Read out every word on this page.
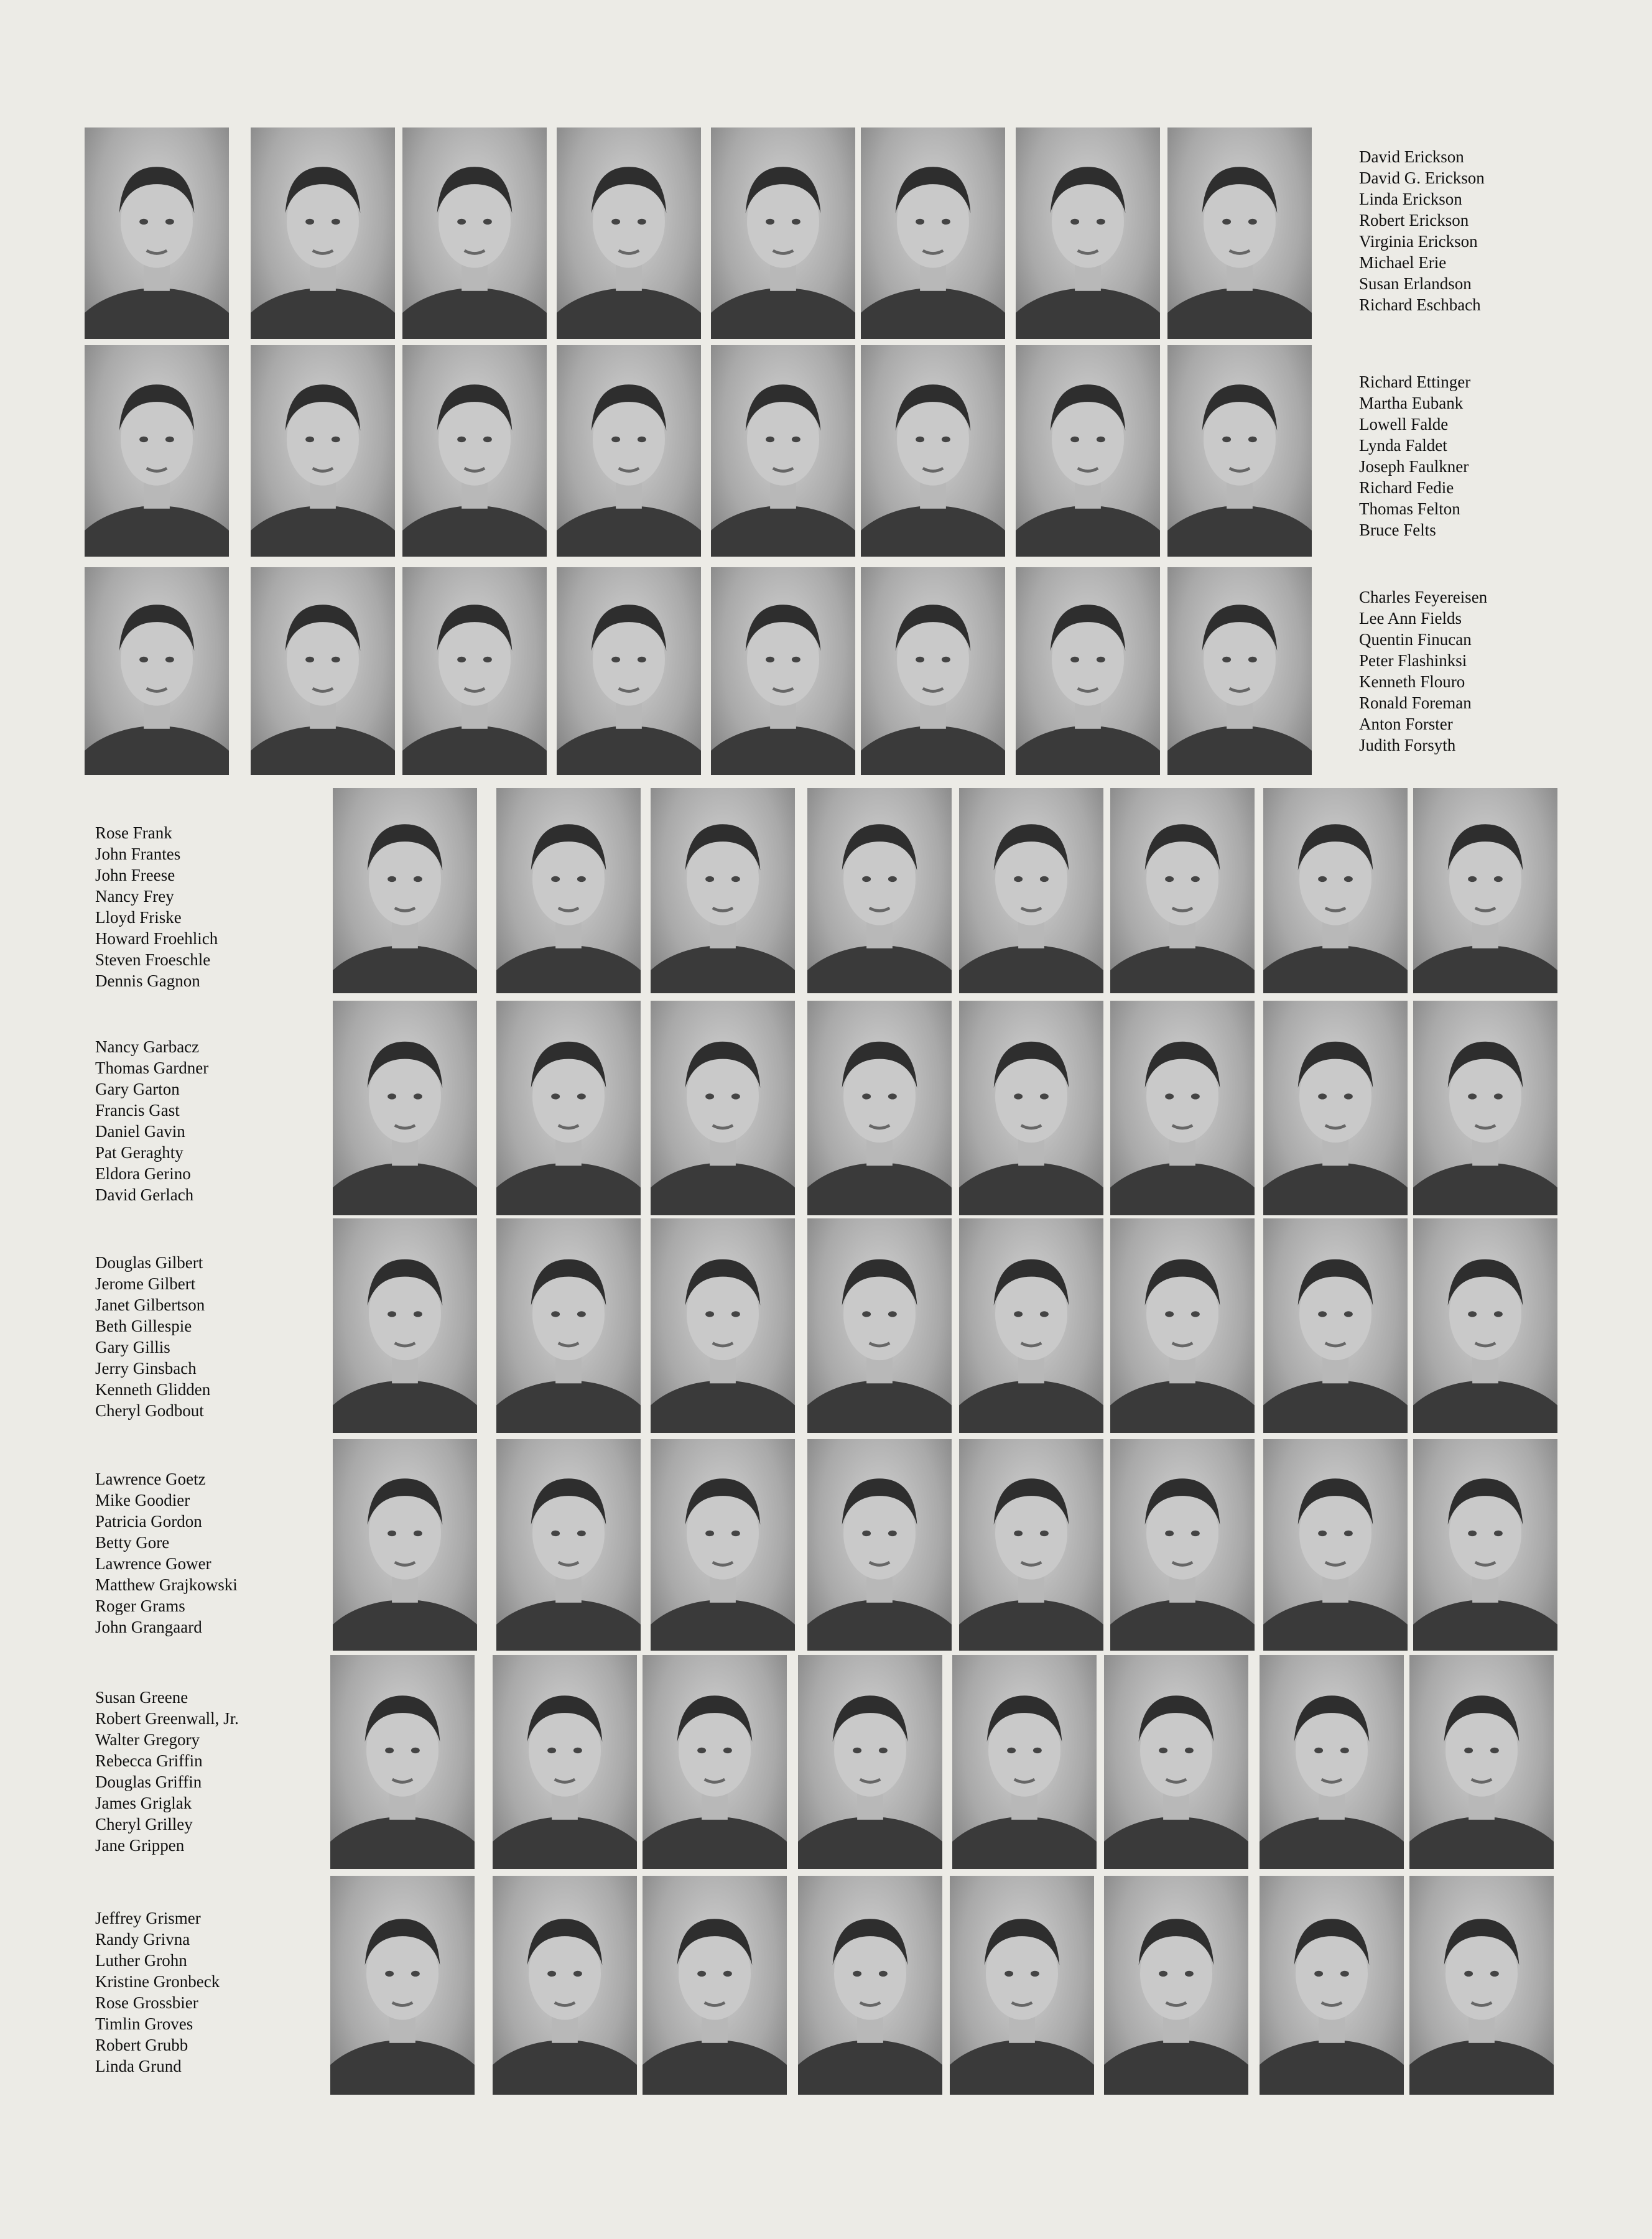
David Erickson
David G. Erickson
Linda Erickson
Robert Erickson
Virginia Erickson
Michael Erie
Susan Erlandson
Richard Eschbach
Richard Ettinger
Martha Eubank
Lowell Falde
Lynda Faldet
Joseph Faulkner
Richard Fedie
Thomas Felton
Bruce Felts
Charles Feyereisen
Lee Ann Fields
Quentin Finucan
Peter Flashinksi
Kenneth Flouro
Ronald Foreman
Anton Forster
Judith Forsyth
Rose Frank
John Frantes
John Freese
Nancy Frey
Lloyd Friske
Howard Froehlich
Steven Froeschle
Dennis Gagnon
Nancy Garbacz
Thomas Gardner
Gary Garton
Francis Gast
Daniel Gavin
Pat Geraghty
Eldora Gerino
David Gerlach
Douglas Gilbert
Jerome Gilbert
Janet Gilbertson
Beth Gillespie
Gary Gillis
Jerry Ginsbach
Kenneth Glidden
Cheryl Godbout
Lawrence Goetz
Mike Goodier
Patricia Gordon
Betty Gore
Lawrence Gower
Matthew Grajkowski
Roger Grams
John Grangaard
Susan Greene
Robert Greenwall, Jr.
Walter Gregory
Rebecca Griffin
Douglas Griffin
James Griglak
Cheryl Grilley
Jane Grippen
Jeffrey Grismer
Randy Grivna
Luther Grohn
Kristine Gronbeck
Rose Grossbier
Timlin Groves
Robert Grubb
Linda Grund
